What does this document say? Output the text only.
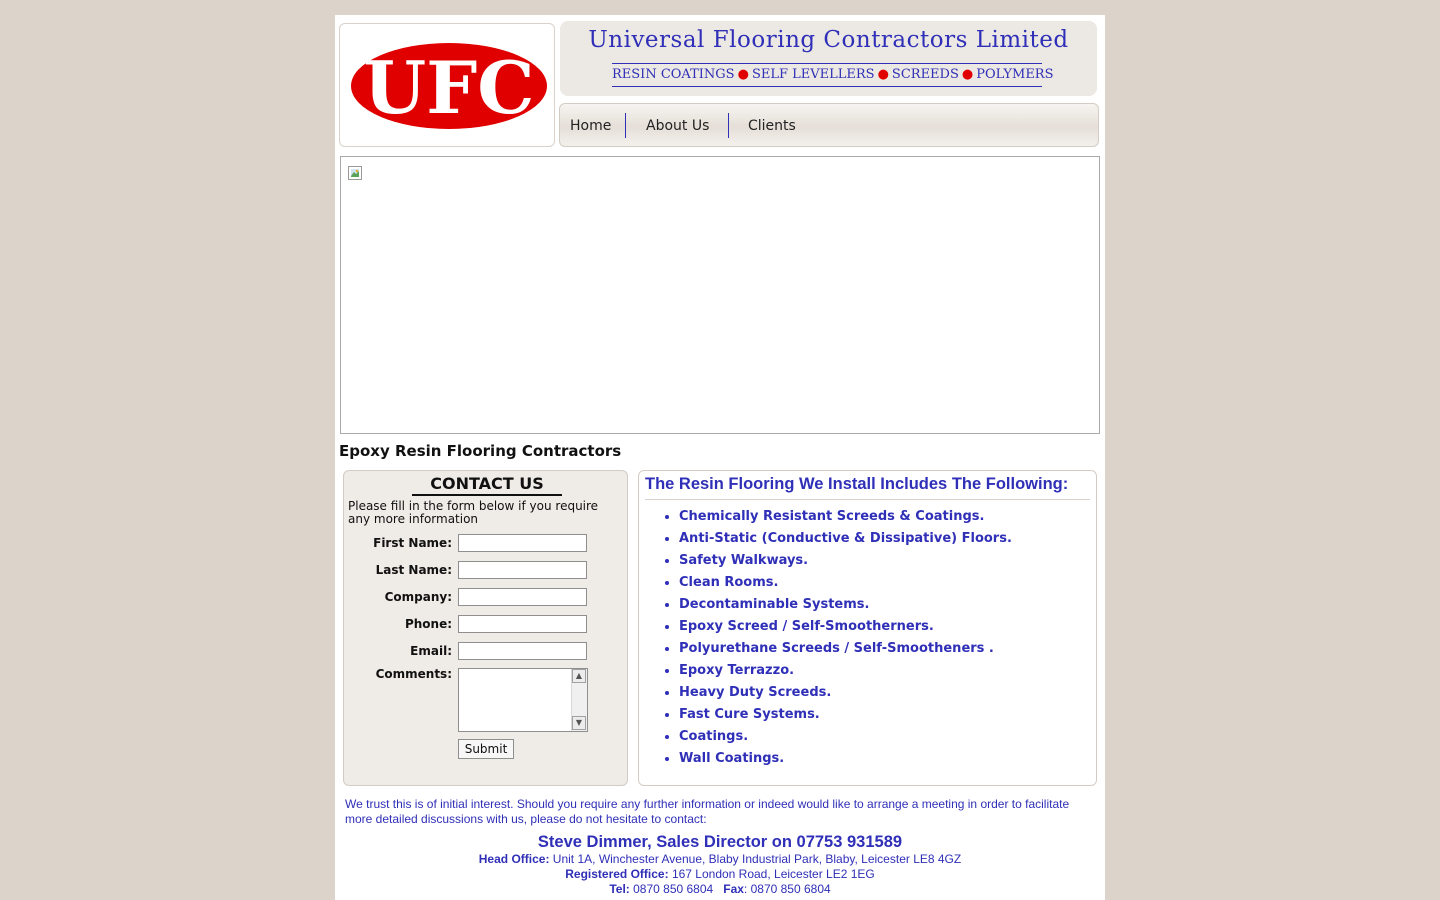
UFC
Universal Flooring Contractors Limited
RESIN COATINGS ● SELF LEVELLERS ● SCREEDS ● POLYMERS
Home About Us	Clients
Epoxy Resin Flooring Contractors
CONTACT US
Please fill in the form below if you require any more information
First Name:
Last Name:
Company:
Phone:
Email:
Comments:	▲
▼
Submit
The Resin Flooring We Install Includes The Following:
• Chemically Resistant Screeds & Coatings.
• Anti-Static (Conductive & Dissipative) Floors.
• Safety Walkways.
• Clean Rooms.
• Decontaminable Systems.
• Epoxy Screed / Self-Smootherners.
• Polyurethane Screeds / Self-Smootheners .
• Epoxy Terrazzo.
• Heavy Duty Screeds.
• Fast Cure Systems.
• Coatings.
• Wall Coatings.
We trust this is of initial interest. Should you require any further information or indeed would like to arrange a meeting in order to facilitate more detailed discussions with us, please do not hesitate to contact:
Steve Dimmer, Sales Director on 07753 931589
Head Office: Unit 1A, Winchester Avenue, Blaby Industrial Park, Blaby, Leicester LE8 4GZ
Registered Office: 167 London Road, Leicester LE2 1EG
Tel: 0870 850 6804 Fax: 0870 850 6804
